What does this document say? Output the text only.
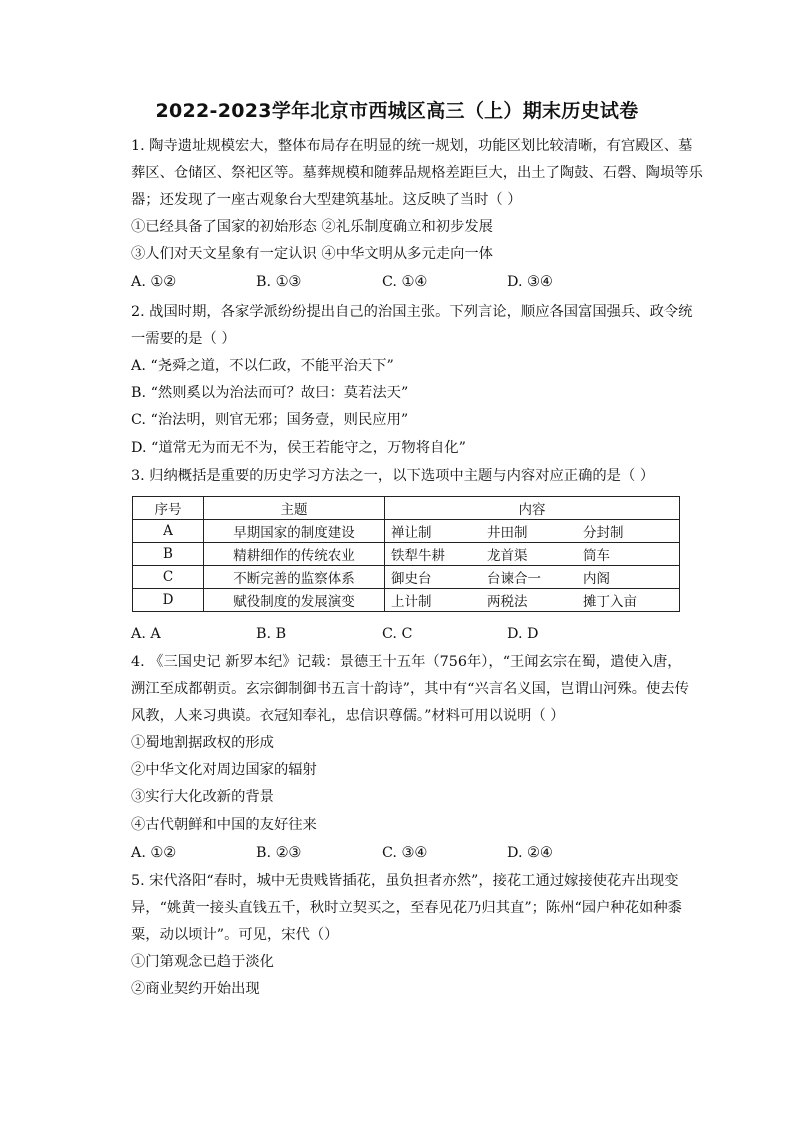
2022-2023学年北京市西城区高三（上）期末历史试卷
1. 陶寺遗址规模宏大，整体布局存在明显的统一规划，功能区划比较清晰，有宫殿区、墓
葬区、仓储区、祭祀区等。墓葬规模和随葬品规格差距巨大，出土了陶鼓、石磬、陶埙等乐
器；还发现了一座古观象台大型建筑基址。这反映了当时（ ）
①已经具备了国家的初始形态 ②礼乐制度确立和初步发展
③人们对天文星象有一定认识 ④中华文明从多元走向一体
A. ①②	B. ①③	C. ①④	D. ③④
2. 战国时期，各家学派纷纷提出自己的治国主张。下列言论，顺应各国富国强兵、政令统
一需要的是（ ）
A. “尧舜之道，不以仁政，不能平治天下”
B. “然则奚以为治法而可？故曰：莫若法天”
C. “治法明，则官无邪；国务壹，则民应用”
D. “道常无为而无不为，侯王若能守之，万物将自化”
3. 归纳概括是重要的历史学习方法之一，以下选项中主题与内容对应正确的是（ ）
序号	主题	内容
A	早期国家的制度建设	禅让制 井田制 分封制

B	精耕细作的传统农业	铁犁牛耕 龙首渠 筒车

C	不断完善的监察体系	御史台 台谏合一 内阁

D	赋役制度的发展演变	上计制 两税法 摊丁入亩
A. A	B. B	C. C	D. D
4. 《三国史记 新罗本纪》记载：景德王十五年（756年），“王闻玄宗在蜀，遣使入唐，
溯江至成都朝贡。玄宗御制御书五言十韵诗”，其中有“兴言名义国，岂谓山河殊。使去传
风教，人来习典谟。衣冠知奉礼，忠信识尊儒。”材料可用以说明（ ）
①蜀地割据政权的形成
②中华文化对周边国家的辐射
③实行大化改新的背景
④古代朝鲜和中国的友好往来
A. ①②	B. ②③	C. ③④	D. ②④
5. 宋代洛阳“春时，城中无贵贱皆插花，虽负担者亦然”，接花工通过嫁接使花卉出现变
异，“姚黄一接头直钱五千，秋时立契买之，至春见花乃归其直”；陈州“园户种花如种黍
粟，动以顷计”。可见，宋代（）
①门第观念已趋于淡化
②商业契约开始出现
